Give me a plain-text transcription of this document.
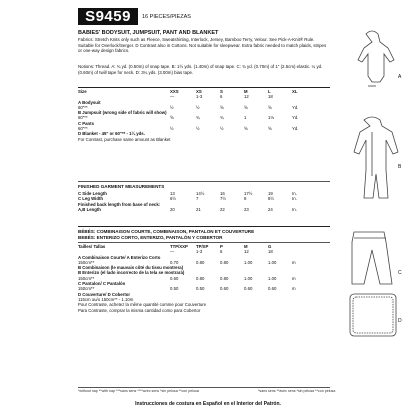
S9459	16 PIECES/PIEZAS
BABIES' BODYSUIT, JUMPSUIT, PANT AND BLANKET
Fabrics: Stretch Knits only such as Fleece, Sweatshirting, Interlock, Jersey, Bamboo Terry, Velour. See Pick-A-Knit® Rule. Suitable for Overlock/Serger. D Contrast also in Cottons. Not suitable for sleepwear. Extra fabric needed to match plaids, stripes or one-way design fabrics.
Notions: Thread. A: ¾ yd. (0.50m) of snap tape. B: 1½ yds. (1.40m) of snap tape. C: ¾ yd. (0.70m) of 1" (2.5cm) elastic. ¼ yd. (0.60m) of twill tape for neck. D: 3¼ yds. (3.00m) bias tape.
Size	XXS	XS	S	M	L	XL
—	1-3	6	12	18
A Bodysuit
60"**	½	½	⅝	⅝	⅝	Yd.
B Jumpsuit (wrong side of fabric will show)
60"**	⅝	¾	¾	1	1⅛	Yd.
C Pants
60"**	½	½	½	⅝	⅝	Yd.
D Blanket - 45" or 60"** - 1¼ yds.
For Contrast, purchase same amount as Blanket
FINISHED GARMENT MEASUREMENTS
C Side Length	13	14½	16	17½	19	In.
C Leg Width	6½	7	7½	8	8½	In.
Finished back length from base of neck:
A,B Length	20	21	22	23	24	In.
BÉBÉS: COMBINAISON COURTE, COMBINAISON, PANTALON ET COUVERTURE
BEBÉS: ENTERIZO CORTO, ENTERIZO, PANTALÓN Y COBERTOR
Tailles/ Tallas	TTP/XXP TP/XP	P	M	G
—	1-3	6	12	18
A Combinaison Courte/ A Enterizo Corto
150cm**	0.70	0.80	0.80	1.00	1.00	m
B Combinaison (le mauvais côté du tissu montrera)
B Enterizo (el lado incorrecto de la tela se mostrará)
150cm**	0.60	0.80	0.80	1.00	1.00	m
C Pantalon/ C Pantalón
150cm**	0.50	0.50	0.60	0.60	0.60	m
D Couverture/ D Cobertor
115cm ou/o 150cm** - 1.10m
Pour Contraste, achetez la même quantité comme pour Couverture
Para Contraste, comprar la misma cantidad como para Cobertor
*without nap **with nap ***sans sens ****avec sens *sin pelusa **con pelusa	*sans sens **avec sens *sin pelusa **con pelusa
Instrucciones de costura en Español en el Interior del Patrón.
A
B
C
D
